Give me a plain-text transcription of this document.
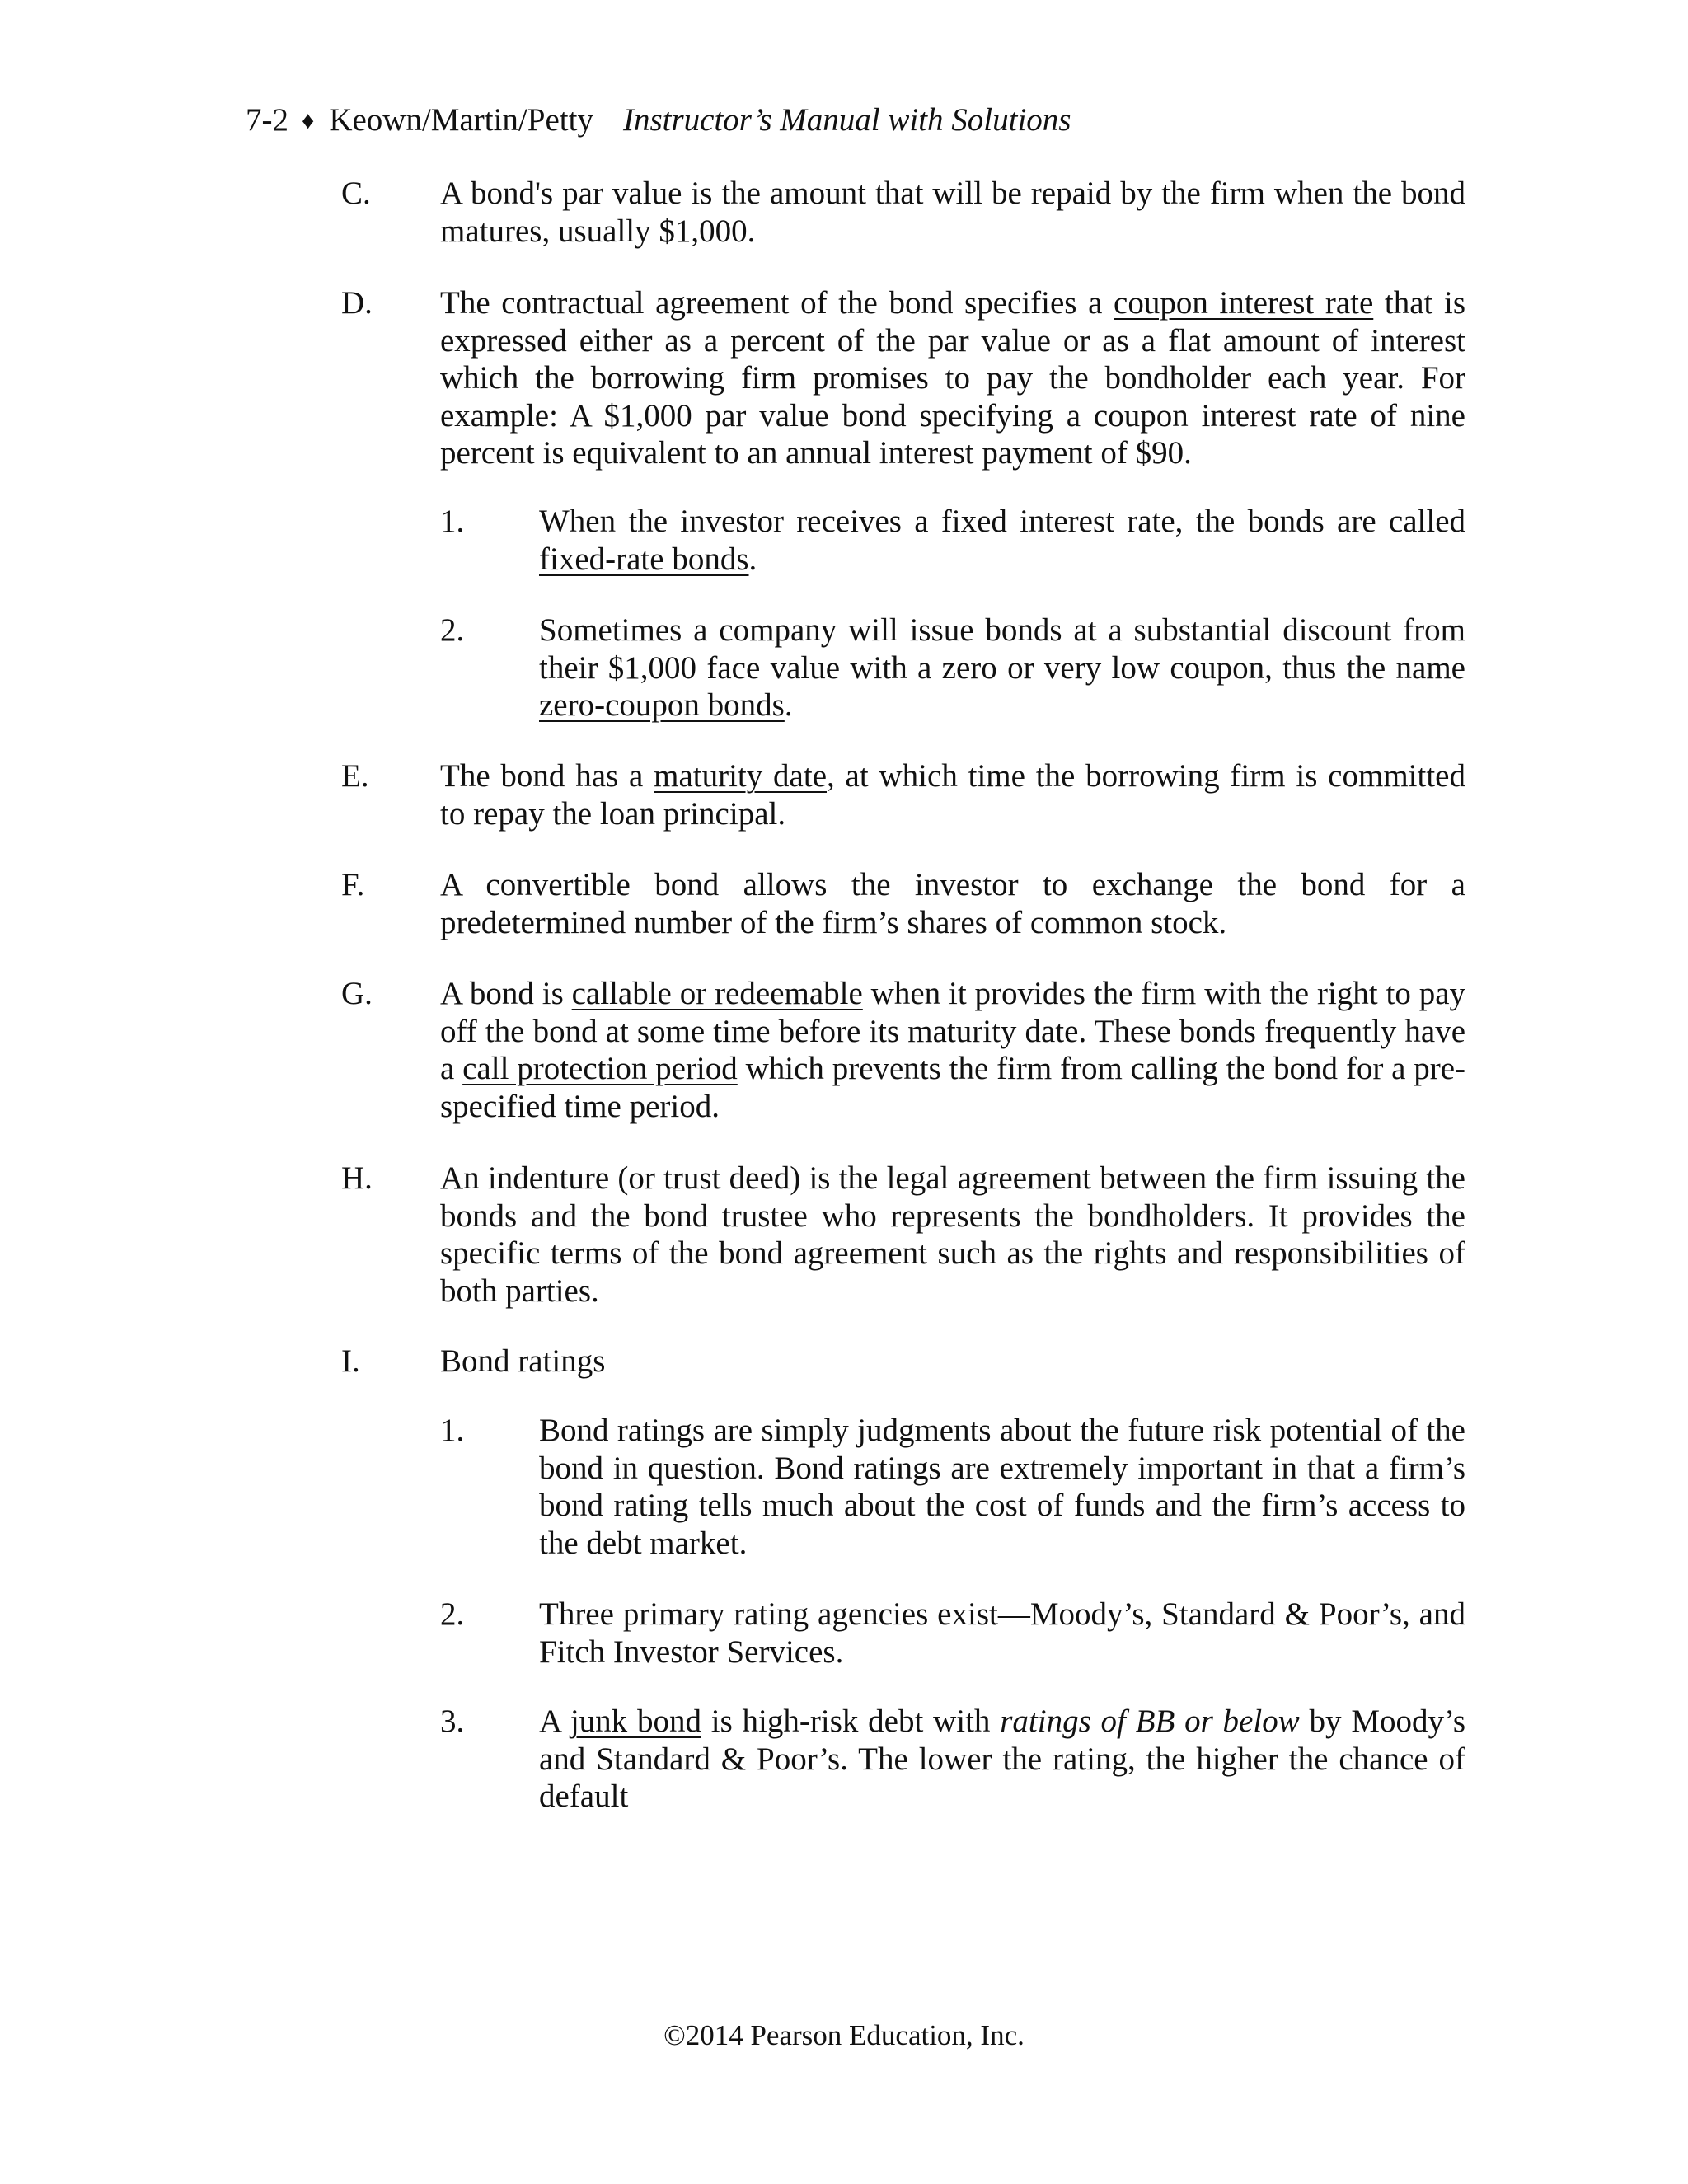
7-2 ♦ Keown/Martin/Petty Instructor’s Manual with Solutions
C. A bond's par value is the amount that will be repaid by the firm when the bond matures, usually $1,000.
D. The contractual agreement of the bond specifies a coupon interest rate that is expressed either as a percent of the par value or as a flat amount of interest which the borrowing firm promises to pay the bondholder each year. For example: A $1,000 par value bond specifying a coupon interest rate of nine percent is equivalent to an annual interest payment of $90.
1. When the investor receives a fixed interest rate, the bonds are called fixed-rate bonds.
2. Sometimes a company will issue bonds at a substantial discount from their $1,000 face value with a zero or very low coupon, thus the name zero-coupon bonds.
E. The bond has a maturity date, at which time the borrowing firm is committed to repay the loan principal.
F. A convertible bond allows the investor to exchange the bond for a predetermined number of the firm’s shares of common stock.
G. A bond is callable or redeemable when it provides the firm with the right to pay off the bond at some time before its maturity date. These bonds frequently have a call protection period which prevents the firm from calling the bond for a pre-specified time period.
H. An indenture (or trust deed) is the legal agreement between the firm issuing the bonds and the bond trustee who represents the bondholders. It provides the specific terms of the bond agreement such as the rights and responsibilities of both parties.
I. Bond ratings
1. Bond ratings are simply judgments about the future risk potential of the bond in question. Bond ratings are extremely important in that a firm’s bond rating tells much about the cost of funds and the firm’s access to the debt market.
2. Three primary rating agencies exist—Moody’s, Standard & Poor’s, and Fitch Investor Services.
3. A junk bond is high-risk debt with ratings of BB or below by Moody’s and Standard & Poor’s. The lower the rating, the higher the chance of default
©2014 Pearson Education, Inc.
